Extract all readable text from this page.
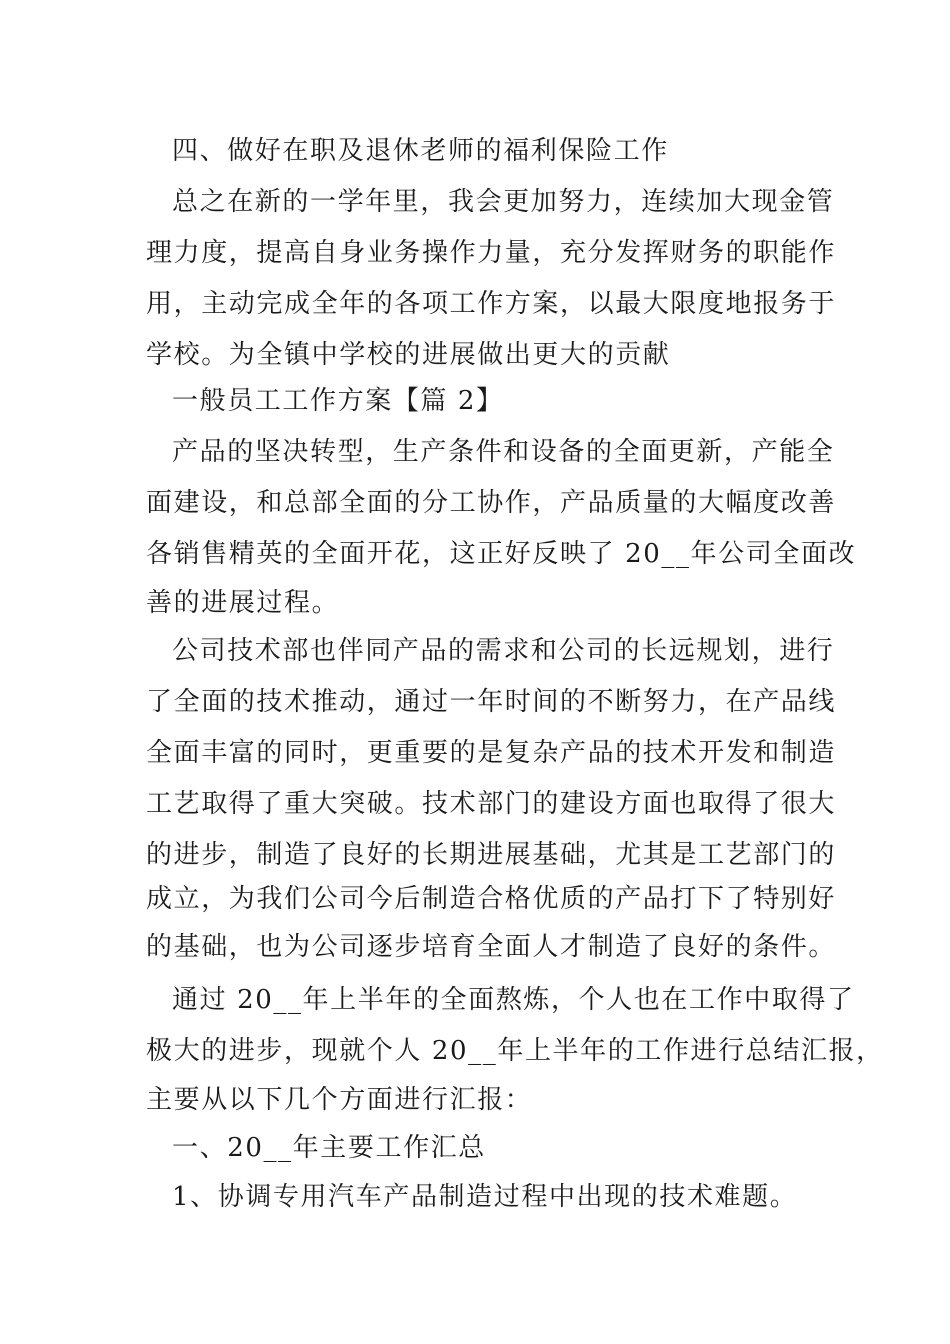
四、做好在职及退休老师的福利保险工作
总之在新的一学年里，我会更加努力，连续加大现金管
理力度，提高自身业务操作力量，充分发挥财务的职能作
用，主动完成全年的各项工作方案，以最大限度地报务于
学校。为全镇中学校的进展做出更大的贡献
一般员工工作方案【篇 2】
产品的坚决转型，生产条件和设备的全面更新，产能全
面建设，和总部全面的分工协作，产品质量的大幅度改善
各销售精英的全面开花，这正好反映了 20__年公司全面改
善的进展过程。
公司技术部也伴同产品的需求和公司的长远规划，进行
了全面的技术推动，通过一年时间的不断努力，在产品线
全面丰富的同时，更重要的是复杂产品的技术开发和制造
工艺取得了重大突破。技术部门的建设方面也取得了很大
的进步，制造了良好的长期进展基础，尤其是工艺部门的
成立，为我们公司今后制造合格优质的产品打下了特别好
的基础，也为公司逐步培育全面人才制造了良好的条件。
通过 20__年上半年的全面熬炼，个人也在工作中取得了
极大的进步，现就个人 20__年上半年的工作进行总结汇报，
主要从以下几个方面进行汇报：
一、20__年主要工作汇总
1、协调专用汽车产品制造过程中出现的技术难题。
